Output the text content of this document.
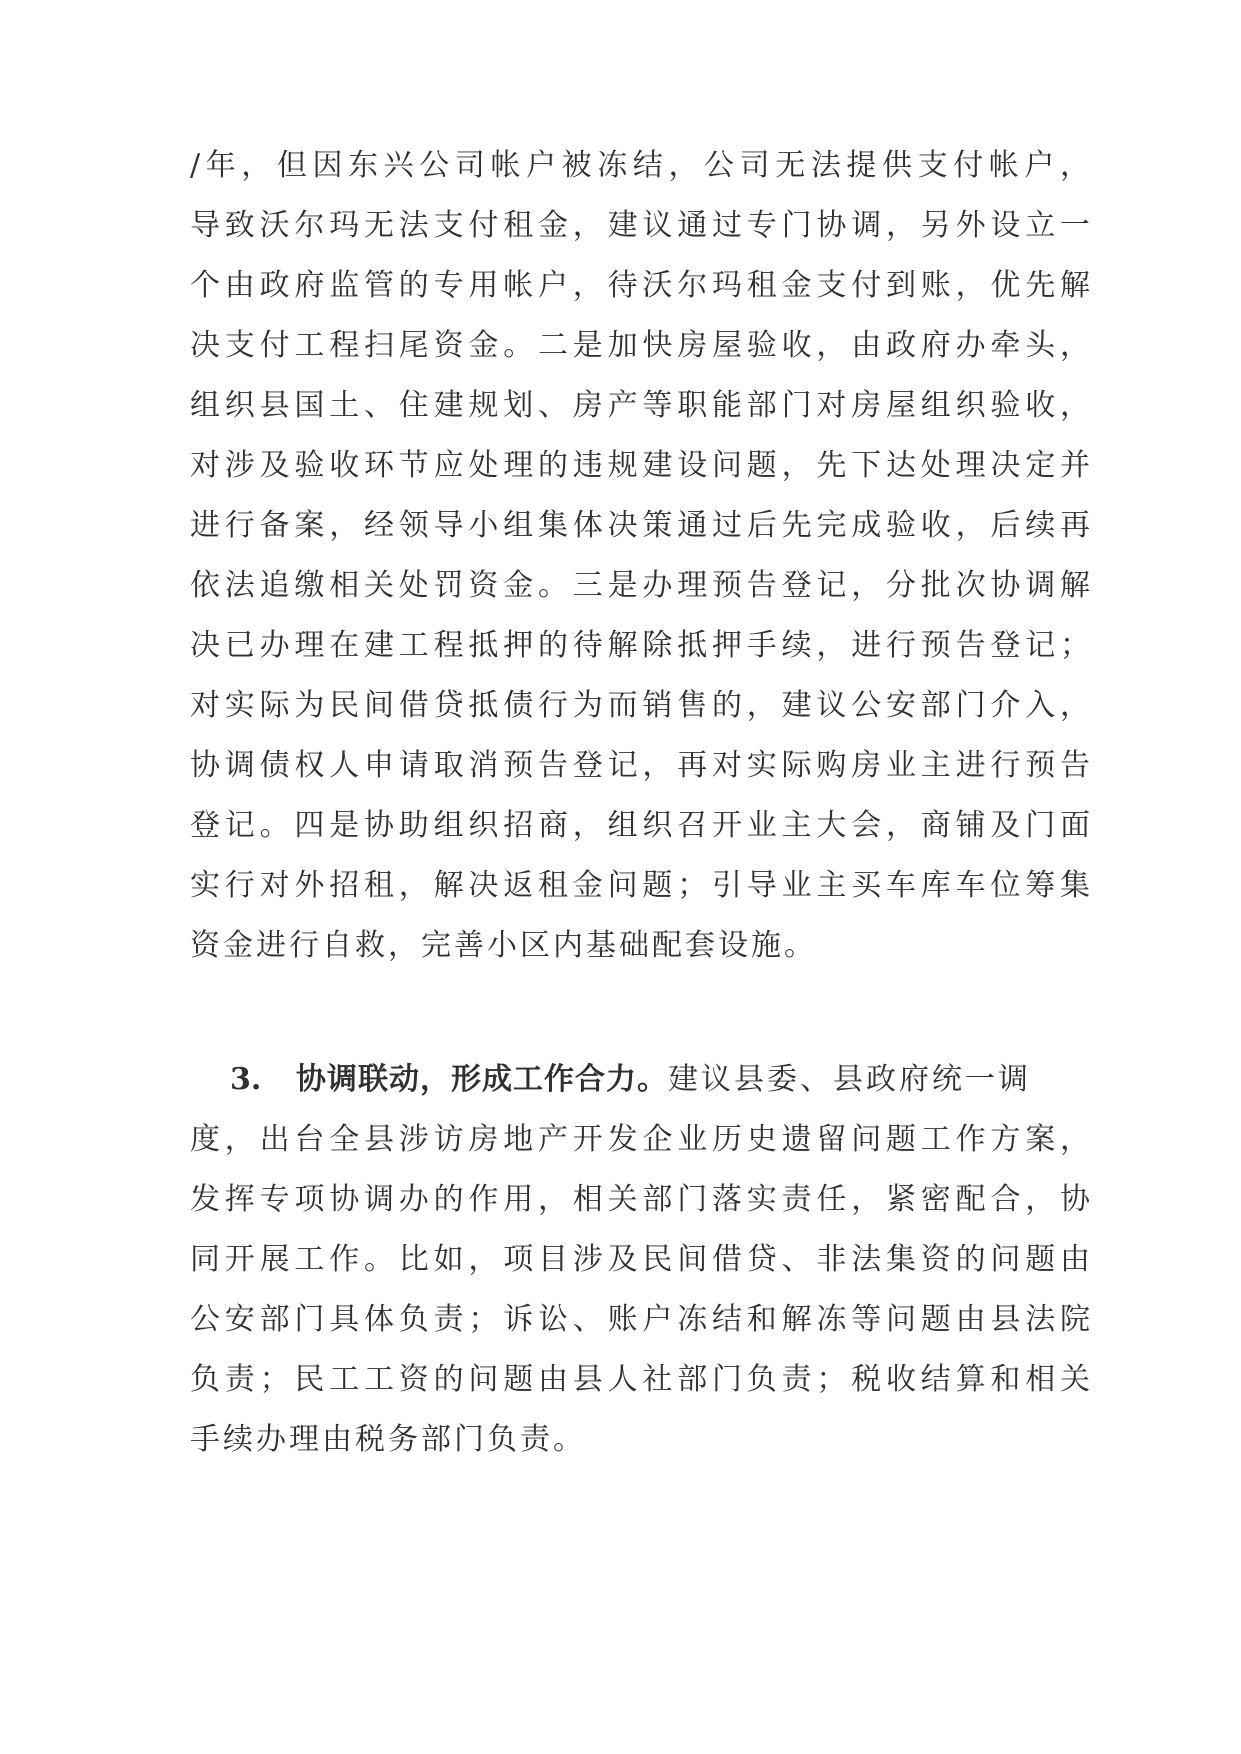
/年，但因东兴公司帐户被冻结，公司无法提供支付帐户，
导致沃尔玛无法支付租金，建议通过专门协调，另外设立一
个由政府监管的专用帐户，待沃尔玛租金支付到账，优先解
决支付工程扫尾资金。二是加快房屋验收，由政府办牵头，
组织县国土、住建规划、房产等职能部门对房屋组织验收，
对涉及验收环节应处理的违规建设问题，先下达处理决定并
进行备案，经领导小组集体决策通过后先完成验收，后续再
依法追缴相关处罚资金。三是办理预告登记，分批次协调解
决已办理在建工程抵押的待解除抵押手续，进行预告登记；
对实际为民间借贷抵债行为而销售的，建议公安部门介入，
协调债权人申请取消预告登记，再对实际购房业主进行预告
登记。四是协助组织招商，组织召开业主大会，商铺及门面
实行对外招租，解决返租金问题；引导业主买车库车位筹集
资金进行自救，完善小区内基础配套设施。
3. 协调联动，形成工作合力。建议县委、县政府统一调
度，出台全县涉访房地产开发企业历史遗留问题工作方案，
发挥专项协调办的作用，相关部门落实责任，紧密配合，协
同开展工作。比如，项目涉及民间借贷、非法集资的问题由
公安部门具体负责；诉讼、账户冻结和解冻等问题由县法院
负责；民工工资的问题由县人社部门负责；税收结算和相关
手续办理由税务部门负责。
